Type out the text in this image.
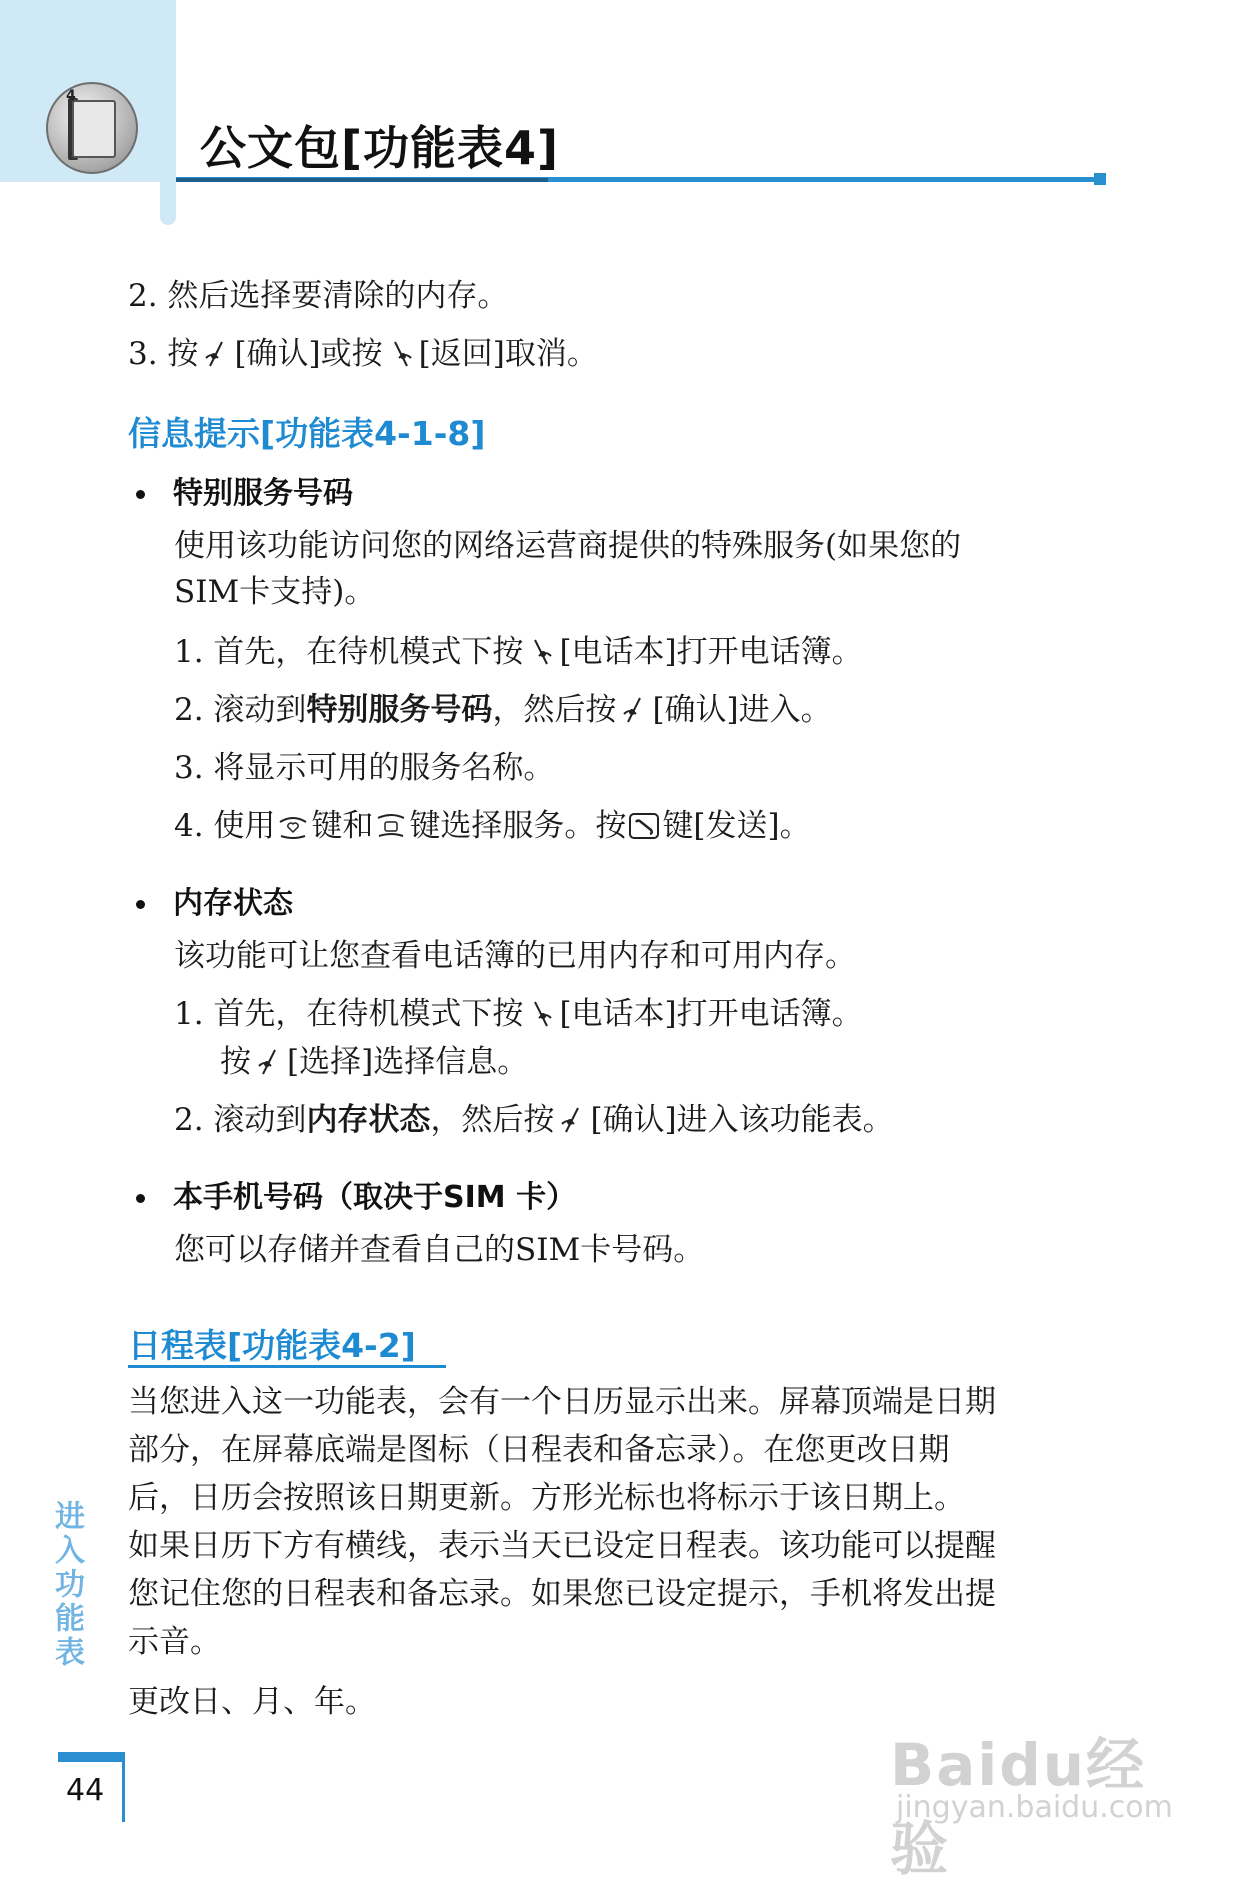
4
公文包[功能表4]
2. 然后选择要清除的内存。
3. 按 [确认]或按 [返回]取消。
信息提示[功能表4-1-8]
特别服务号码
使用该功能访问您的网络运营商提供的特殊服务(如果您的
SIM卡支持)。
1. 首先，在待机模式下按 [电话本]打开电话簿。
2. 滚动到特别服务号码，然后按 [确认]进入。
3. 将显示可用的服务名称。
4. 使用 键和 键选择服务。按 键[发送]。
内存状态
该功能可让您查看电话簿的已用内存和可用内存。
1. 首先，在待机模式下按 [电话本]打开电话簿。
按 [选择]选择信息。
2. 滚动到内存状态，然后按 [确认]进入该功能表。
本手机号码（取决于SIM 卡）
您可以存储并查看自己的SIM卡号码。
日程表[功能表4-2]
当您进入这一功能表，会有一个日历显示出来。屏幕顶端是日期
部分，在屏幕底端是图标（日程表和备忘录）。在您更改日期
后，日历会按照该日期更新。方形光标也将标示于该日期上。
如果日历下方有横线，表示当天已设定日程表。该功能可以提醒
您记住您的日程表和备忘录。如果您已设定提示，手机将发出提
示音。
更改日、月、年。
进入功能表
44	Baidu经验
jingyan.baidu.com
